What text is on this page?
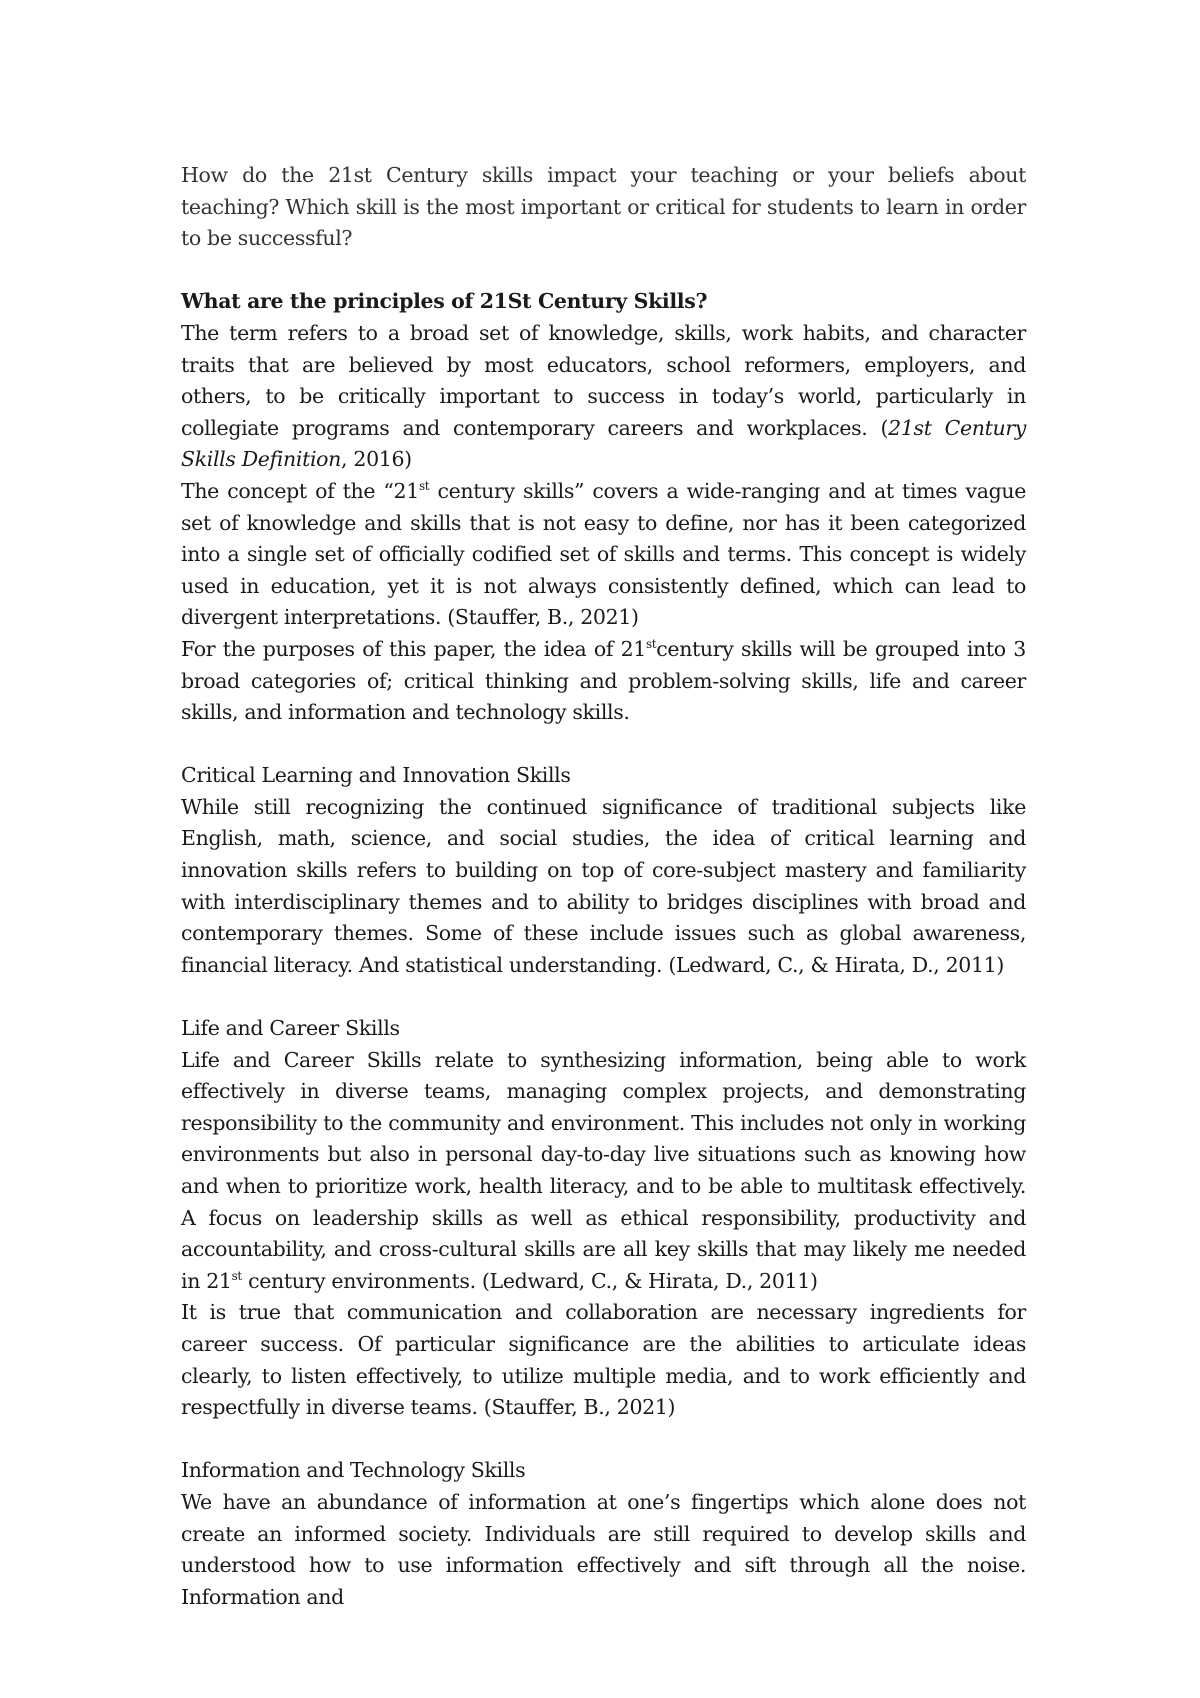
How do the 21st Century skills impact your teaching or your beliefs about teaching? Which skill is the most important or critical for students to learn in order to be successful?

What are the principles of 21St Century Skills?

The term refers to a broad set of knowledge, skills, work habits, and character traits that are believed by most educators, school reformers, employers, and others, to be critically important to success in today’s world, particularly in collegiate programs and contemporary careers and workplaces. (21st Century Skills Definition, 2016)

The concept of the “21st century skills” covers a wide-ranging and at times vague set of knowledge and skills that is not easy to define, nor has it been categorized into a single set of officially codified set of skills and terms. This concept is widely used in education, yet it is not always consistently defined, which can lead to divergent interpretations. (Stauffer, B., 2021)

For the purposes of this paper, the idea of 21stcentury skills will be grouped into 3 broad categories of; critical thinking and problem-solving skills, life and career skills, and information and technology skills.

Critical Learning and Innovation Skills

While still recognizing the continued significance of traditional subjects like English, math, science, and social studies, the idea of critical learning and innovation skills refers to building on top of core-subject mastery and familiarity with interdisciplinary themes and to ability to bridges disciplines with broad and contemporary themes. Some of these include issues such as global awareness, financial literacy. And statistical understanding. (Ledward, C., & Hirata, D., 2011)

Life and Career Skills

Life and Career Skills relate to synthesizing information, being able to work effectively in diverse teams, managing complex projects, and demonstrating responsibility to the community and environment. This includes not only in working environments but also in personal day-to-day live situations such as knowing how and when to prioritize work, health literacy, and to be able to multitask effectively. A focus on leadership skills as well as ethical responsibility, productivity and accountability, and cross-cultural skills are all key skills that may likely me needed in 21st century environments. (Ledward, C., & Hirata, D., 2011)

It is true that communication and collaboration are necessary ingredients for career success. Of particular significance are the abilities to articulate ideas clearly, to listen effectively, to utilize multiple media, and to work efficiently and respectfully in diverse teams. (Stauffer, B., 2021)

Information and Technology Skills

We have an abundance of information at one’s fingertips which alone does not create an informed society. Individuals are still required to develop skills and understood how to use information effectively and sift through all the noise. Information and
